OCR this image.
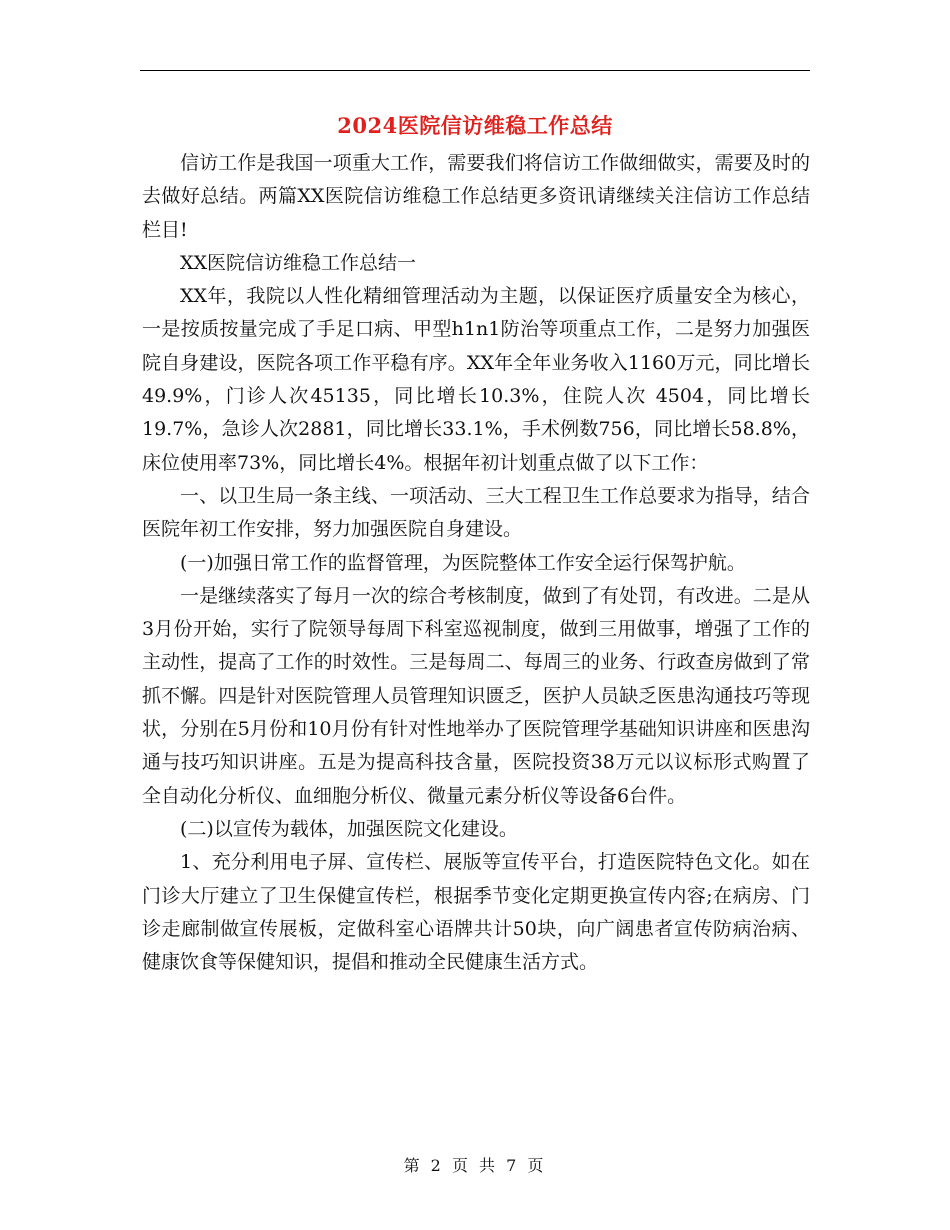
2024医院信访维稳工作总结

信访工作是我国一项重大工作，需要我们将信访工作做细做实，需要及时的去做好总结。两篇XX医院信访维稳工作总结更多资讯请继续关注信访工作总结栏目!

XX医院信访维稳工作总结一

XX年，我院以人性化精细管理活动为主题，以保证医疗质量安全为核心，一是按质按量完成了手足口病、甲型h1n1防治等项重点工作，二是努力加强医院自身建设，医院各项工作平稳有序。XX年全年业务收入1160万元，同比增长49.9%，门诊人次45135，同比增长10.3%，住院人次 4504，同比增长19.7%，急诊人次2881，同比增长33.1%，手术例数756，同比增长58.8%，床位使用率73%，同比增长4%。根据年初计划重点做了以下工作：

一、以卫生局一条主线、一项活动、三大工程卫生工作总要求为指导，结合医院年初工作安排，努力加强医院自身建设。

(一)加强日常工作的监督管理，为医院整体工作安全运行保驾护航。

一是继续落实了每月一次的综合考核制度，做到了有处罚，有改进。二是从3月份开始，实行了院领导每周下科室巡视制度，做到三用做事，增强了工作的主动性，提高了工作的时效性。三是每周二、每周三的业务、行政查房做到了常抓不懈。四是针对医院管理人员管理知识匮乏，医护人员缺乏医患沟通技巧等现状，分别在5月份和10月份有针对性地举办了医院管理学基础知识讲座和医患沟通与技巧知识讲座。五是为提高科技含量，医院投资38万元以议标形式购置了全自动化分析仪、血细胞分析仪、微量元素分析仪等设备6台件。

(二)以宣传为载体，加强医院文化建设。

1、充分利用电子屏、宣传栏、展版等宣传平台，打造医院特色文化。如在门诊大厅建立了卫生保健宣传栏，根据季节变化定期更换宣传内容;在病房、门诊走廊制做宣传展板，定做科室心语牌共计50块，向广阔患者宣传防病治病、健康饮食等保健知识，提倡和推动全民健康生活方式。

第 2 页 共 7 页
